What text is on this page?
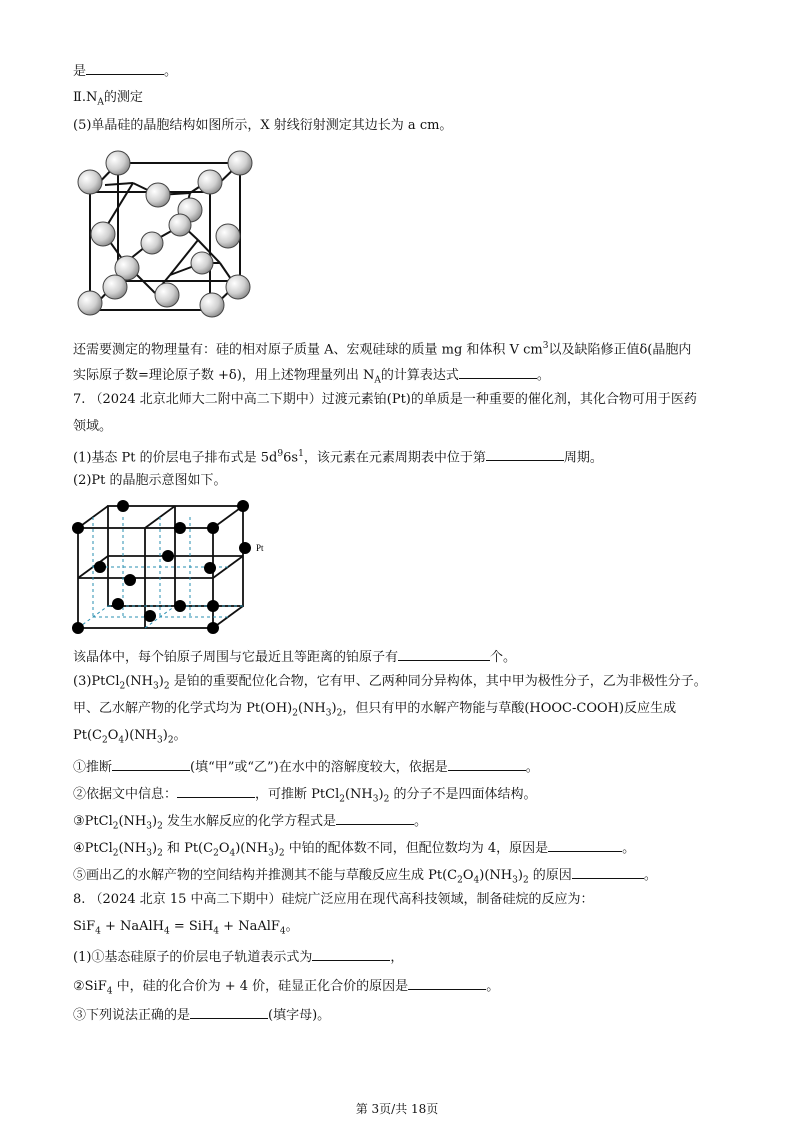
是	。
$Ⅱ.N_A$的测定
(5)单晶硅的晶胞结构如图所示，X 射线衍射测定其边长为 a cm。
还需要测定的物理量有：硅的相对原子质量 A、宏观硅球的质量 mg 和体积 V $cm^3$以及缺陷修正值δ(晶胞内
实际原子数=理论原子数 +δ)，用上述物理量列出 $N_A$的计算表达式	。
7. （2024 北京北师大二附中高二下期中）过渡元素铂(Pt)的单质是一种重要的催化剂，其化合物可用于医药
领域。
(1)基态 Pt 的价层电子排布式是 $5d^96s^1$，该元素在元素周期表中位于第	周期。
(2)Pt 的晶胞示意图如下。
Pt
该晶体中，每个铂原子周围与它最近且等距离的铂原子有	个。
$(3)PtCl_2(NH_3)_2$ 是铂的重要配位化合物，它有甲、乙两种同分异构体，其中甲为极性分子，乙为非极性分子。
甲、乙水解产物的化学式均为 $Pt(OH)_2(NH_3)_2$，但只有甲的水解产物能与草酸(HOOC-COOH)反应生成
$Pt(C_2O_4)(NH_3)_2$。
①推断	(填“甲”或“乙”)在水中的溶解度较大，依据是	。
②依据文中信息：	，可推断 $PtCl_2(NH_3)_2$ 的分子不是四面体结构。
$③PtCl_2(NH_3)_2$ 发生水解反应的化学方程式是	。
$④PtCl_2(NH_3)_2$ 和 $Pt(C_2O_4)(NH_3)_2$ 中铂的配体数不同，但配位数均为 4，原因是	。
⑤画出乙的水解产物的空间结构并推测其不能与草酸反应生成 $Pt(C_2O_4)(NH_3)_2$ 的原因	。
8. （2024 北京 15 中高二下期中）硅烷广泛应用在现代高科技领域，制备硅烷的反应为：
SiF$_4$ + NaAlH$_4$ = SiH$_4$ + NaAlF$_4$。
(1)①基态硅原子的价层电子轨道表示式为	，
②SiF$_4$ 中，硅的化合价为 + 4 价，硅显正化合价的原因是	。
③下列说法正确的是	(填字母)。
第 3页/共 18页
